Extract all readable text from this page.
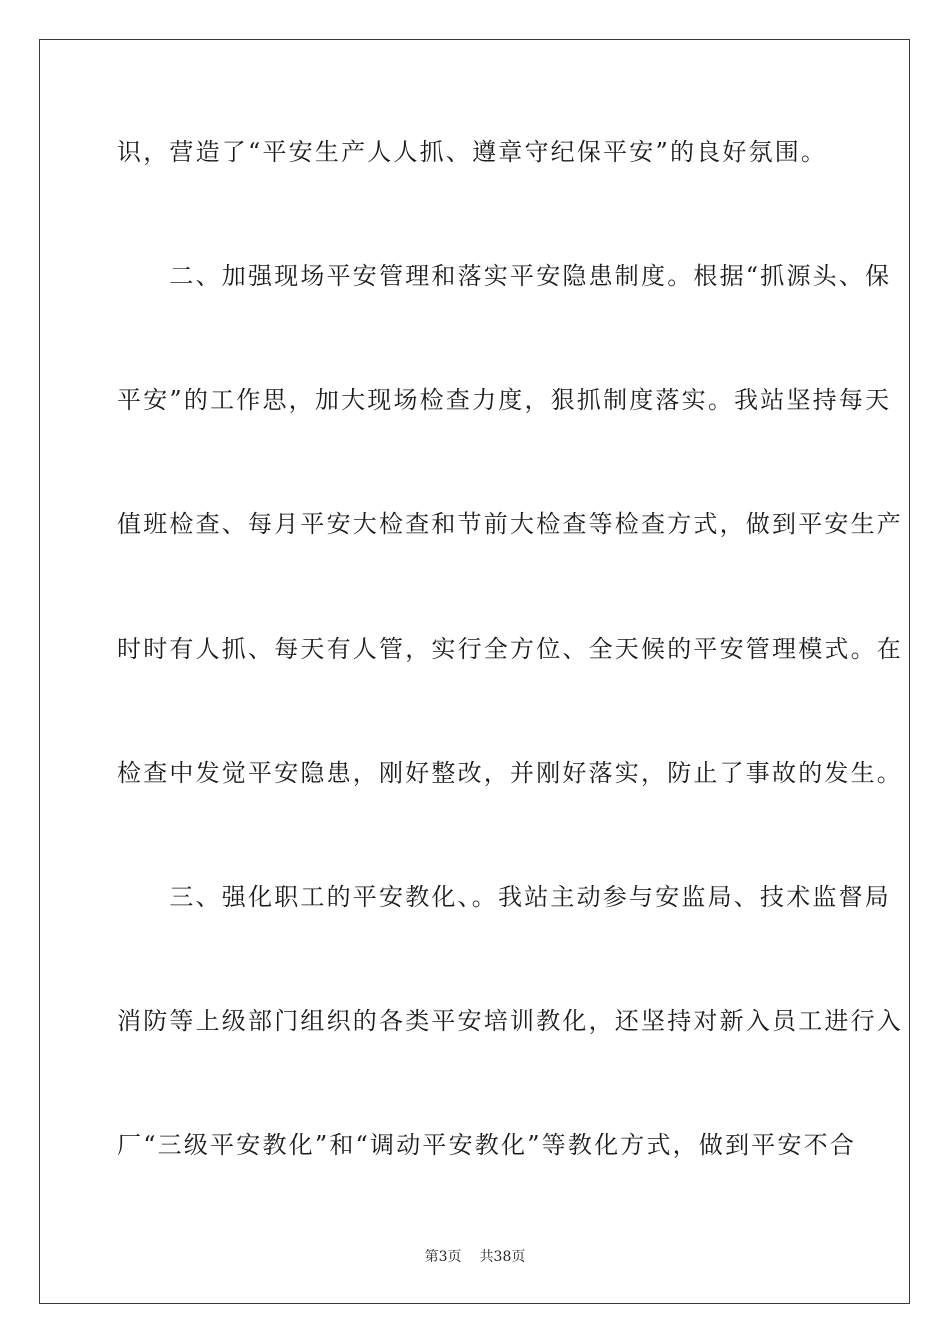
识，营造了“平安生产人人抓、遵章守纪保平安”的良好氛围。
　　二、加强现场平安管理和落实平安隐患制度。根据“抓源头、保
平安”的工作思，加大现场检查力度，狠抓制度落实。我站坚持每天
值班检查、每月平安大检查和节前大检查等检查方式，做到平安生产
时时有人抓、每天有人管，实行全方位、全天候的平安管理模式。在
检查中发觉平安隐患，刚好整改，并刚好落实，防止了事故的发生。
　　三、强化职工的平安教化、。我站主动参与安监局、技术监督局
消防等上级部门组织的各类平安培训教化，还坚持对新入员工进行入
厂“三级平安教化”和“调动平安教化”等教化方式，做到平安不合
第3页 共38页
